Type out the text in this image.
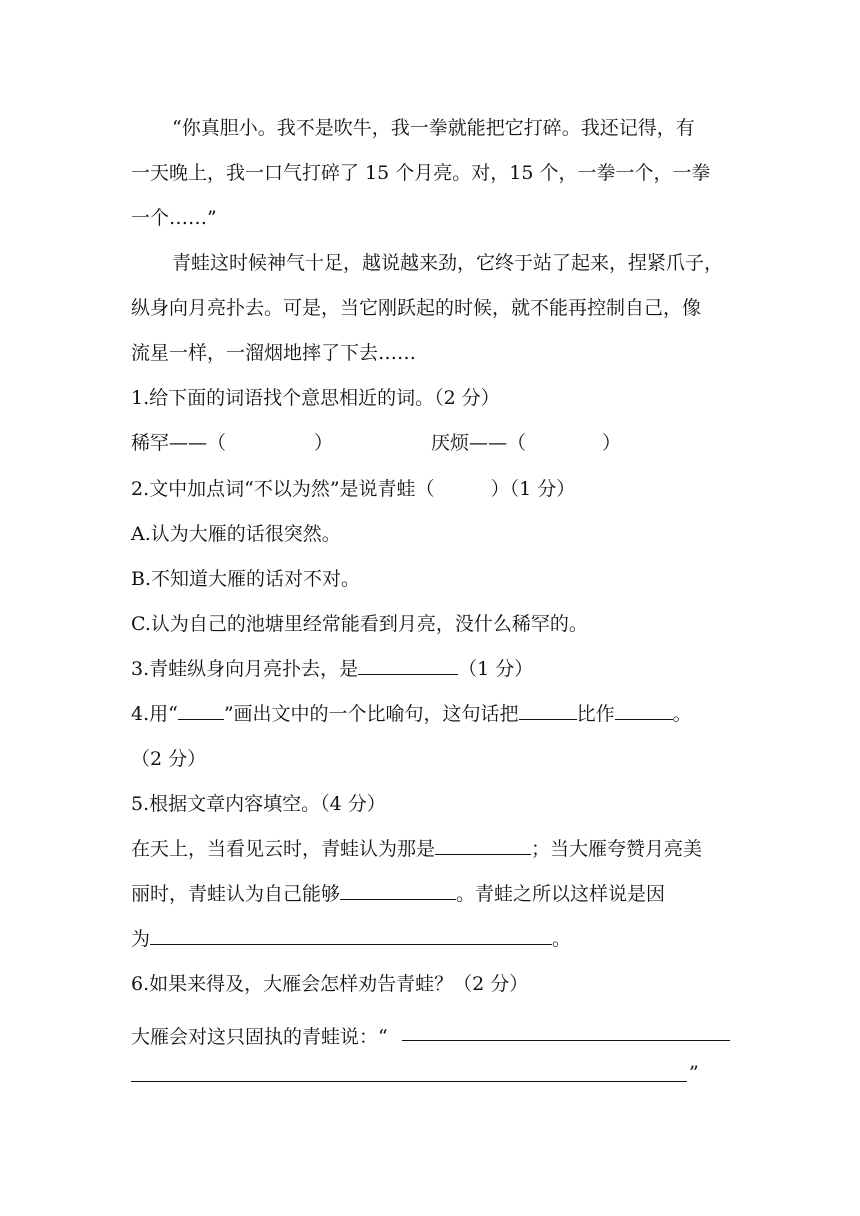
“你真胆小。我不是吹牛，我一拳就能把它打碎。我还记得，有
一天晚上，我一口气打碎了 15 个月亮。对，15 个，一拳一个，一拳
一个……”
青蛙这时候神气十足，越说越来劲，它终于站了起来，捏紧爪子，
纵身向月亮扑去。可是，当它刚跃起的时候，就不能再控制自己，像
流星一样，一溜烟地摔了下去……
1.给下面的词语找个意思相近的词。（2 分）
稀罕——（	）	厌烦——（	）
2.文中加点词“不以为然”是说青蛙（	）（1 分）
A.认为大雁的话很突然。
B.不知道大雁的话对不对。
C.认为自己的池塘里经常能看到月亮，没什么稀罕的。
3.青蛙纵身向月亮扑去，是	（1 分）
4.用“ ”画出文中的一个比喻句，这句话把	比作	。
（2 分）
5.根据文章内容填空。（4 分）
在天上，当看见云时，青蛙认为那是	；当大雁夸赞月亮美
丽时，青蛙认为自己能够	。青蛙之所以这样说是因
为	。
6.如果来得及，大雁会怎样劝告青蛙？（2 分）
大雁会对这只固执的青蛙说：“
”
